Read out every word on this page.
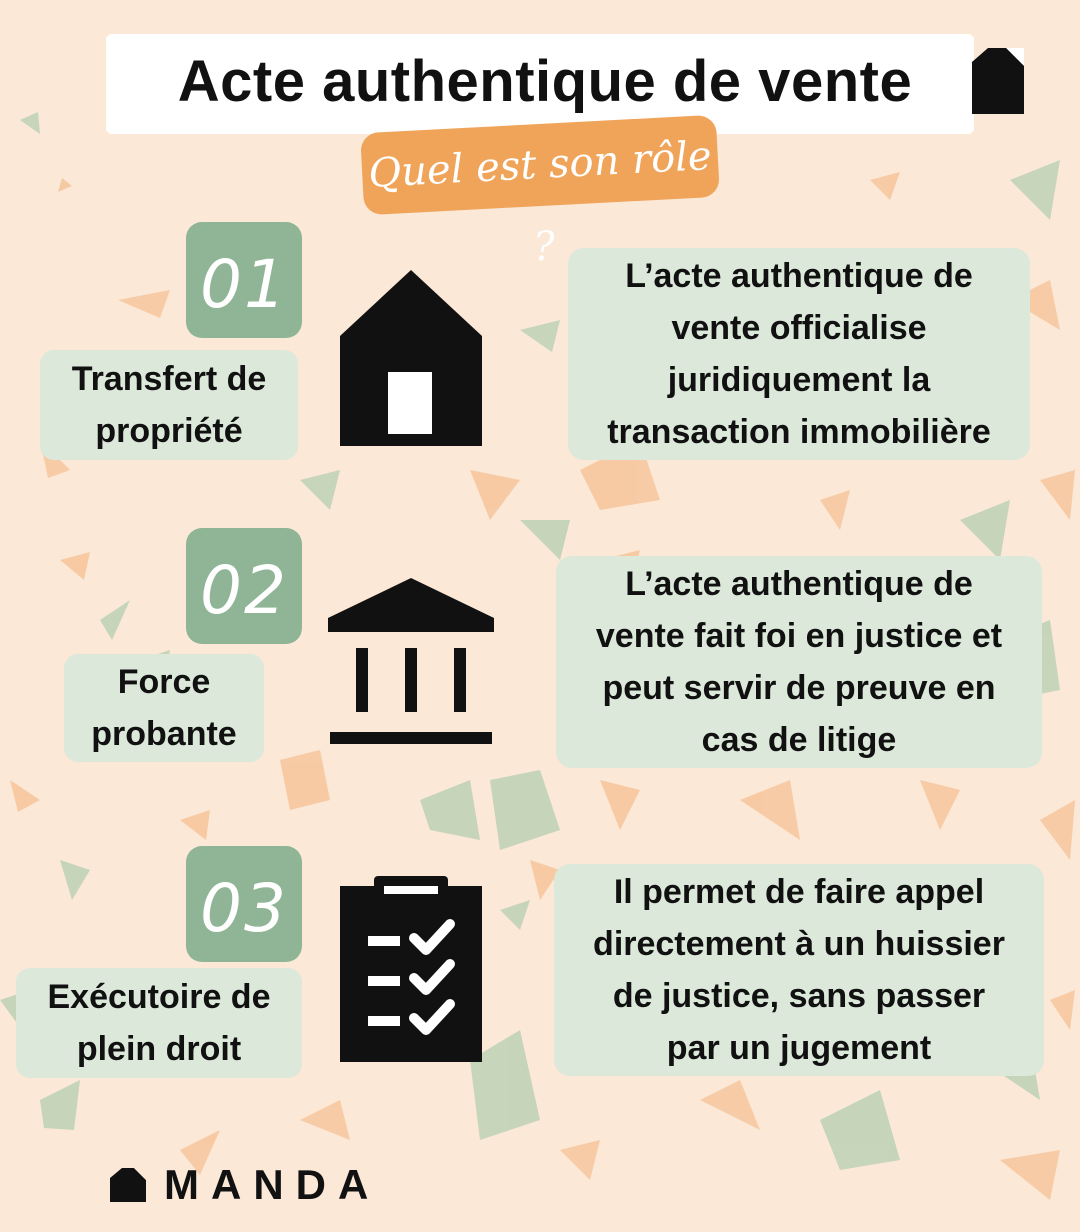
Acte authentique de vente
Quel est son rôle ?
01
Transfert de
propriété
L’acte authentique de
vente officialise
juridiquement la
transaction immobilière
02
Force
probante
L’acte authentique de
vente fait foi en justice et
peut servir de preuve en
cas de litige
03
Exécutoire de
plein droit
Il permet de faire appel
directement à un huissier
de justice, sans passer
par un jugement
MANDA
